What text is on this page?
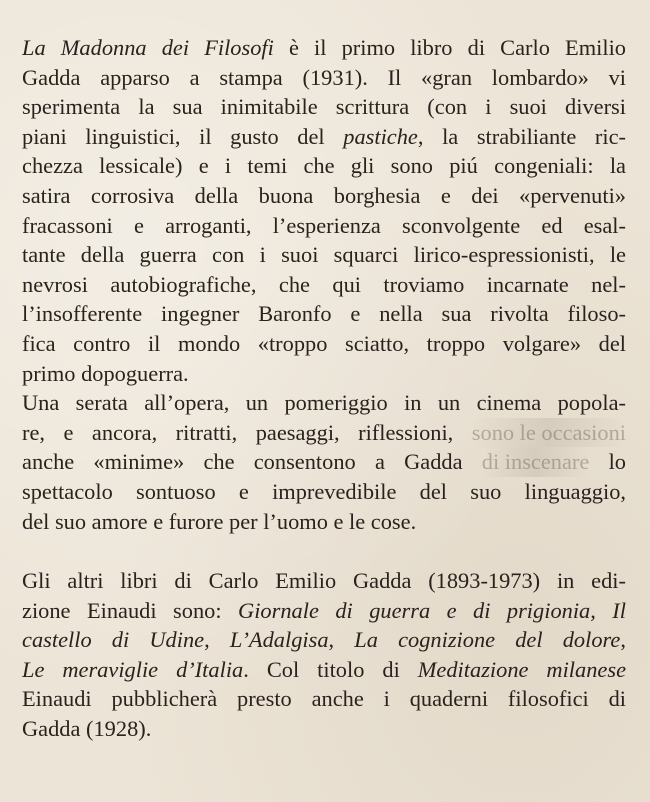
La Madonna dei Filosofi è il primo libro di Carlo Emilio
Gadda apparso a stampa (1931). Il «gran lombardo» vi
sperimenta la sua inimitabile scrittura (con i suoi diversi
piani linguistici, il gusto del pastiche, la strabiliante ric-
chezza lessicale) e i temi che gli sono piú congeniali: la
satira corrosiva della buona borghesia e dei «pervenuti»
fracassoni e arroganti, l’esperienza sconvolgente ed esal-
tante della guerra con i suoi squarci lirico-espressionisti, le
nevrosi autobiografiche, che qui troviamo incarnate nel-
l’insofferente ingegner Baronfo e nella sua rivolta filoso-
fica contro il mondo «troppo sciatto, troppo volgare» del
primo dopoguerra.
Una serata all’opera, un pomeriggio in un cinema popola-
re, e ancora, ritratti, paesaggi, riflessioni, sono le occasioni
anche «minime» che consentono a Gadda di inscenare lo
spettacolo sontuoso e imprevedibile del suo linguaggio,
del suo amore e furore per l’uomo e le cose.
Gli altri libri di Carlo Emilio Gadda (1893-1973) in edi-
zione Einaudi sono: Giornale di guerra e di prigionia, Il
castello di Udine, L’Adalgisa, La cognizione del dolore,
Le meraviglie d’Italia. Col titolo di Meditazione milanese
Einaudi pubblicherà presto anche i quaderni filosofici di
Gadda (1928).
